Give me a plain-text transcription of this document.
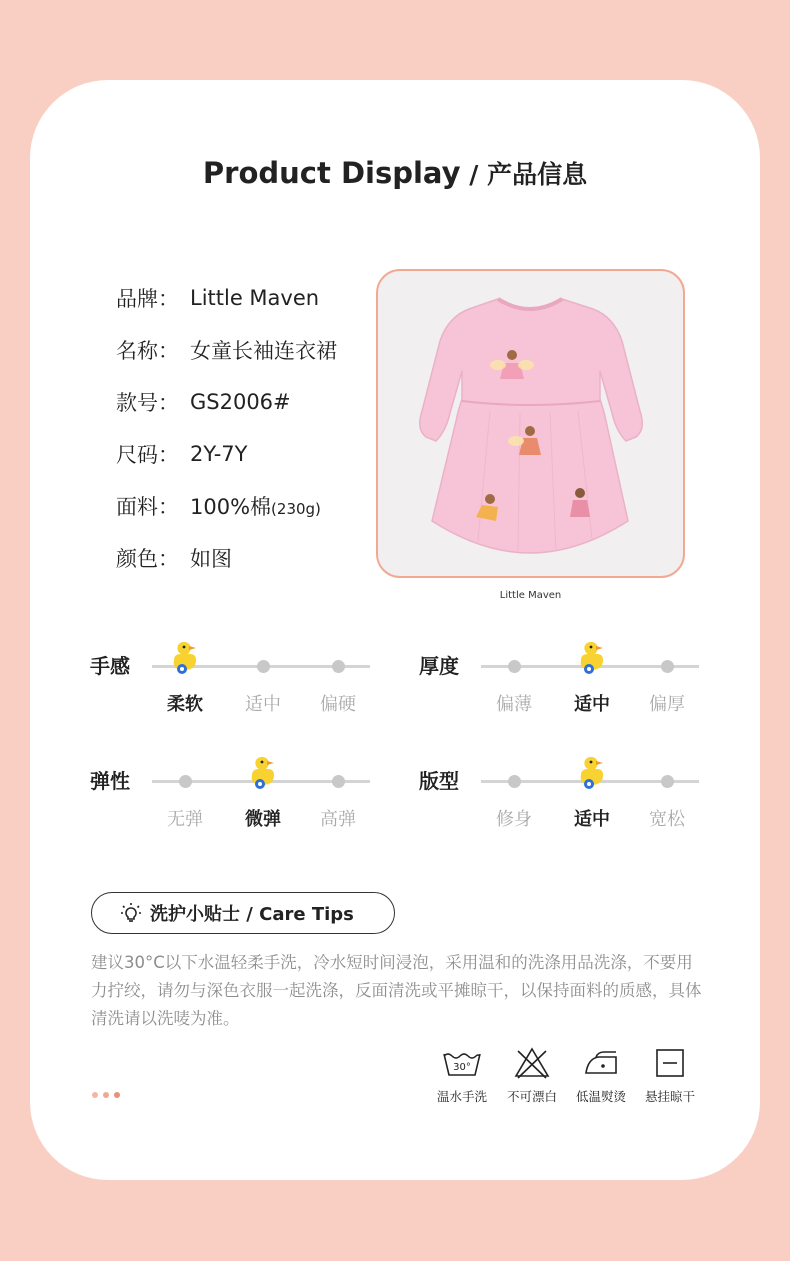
Product Display / 产品信息
品牌： Little Maven
名称： 女童长袖连衣裙
款号： GS2006#
尺码： 2Y-7Y
面料： 100%棉(230g)
颜色： 如图
Little Maven
手感
柔软	适中	偏硬
厚度
偏薄	适中	偏厚
弹性
无弹	微弹	高弹
版型
修身	适中	宽松
洗护小贴士 / Care Tips
建议30°C以下水温轻柔手洗，冷水短时间浸泡，采用温和的洗涤用品洗涤，不要用力拧绞，请勿与深色衣服一起洗涤，反面清洗或平摊晾干，以保持面料的质感，具体清洗请以洗唛为准。
30°
温水手洗	不可漂白	低温熨烫	悬挂晾干
